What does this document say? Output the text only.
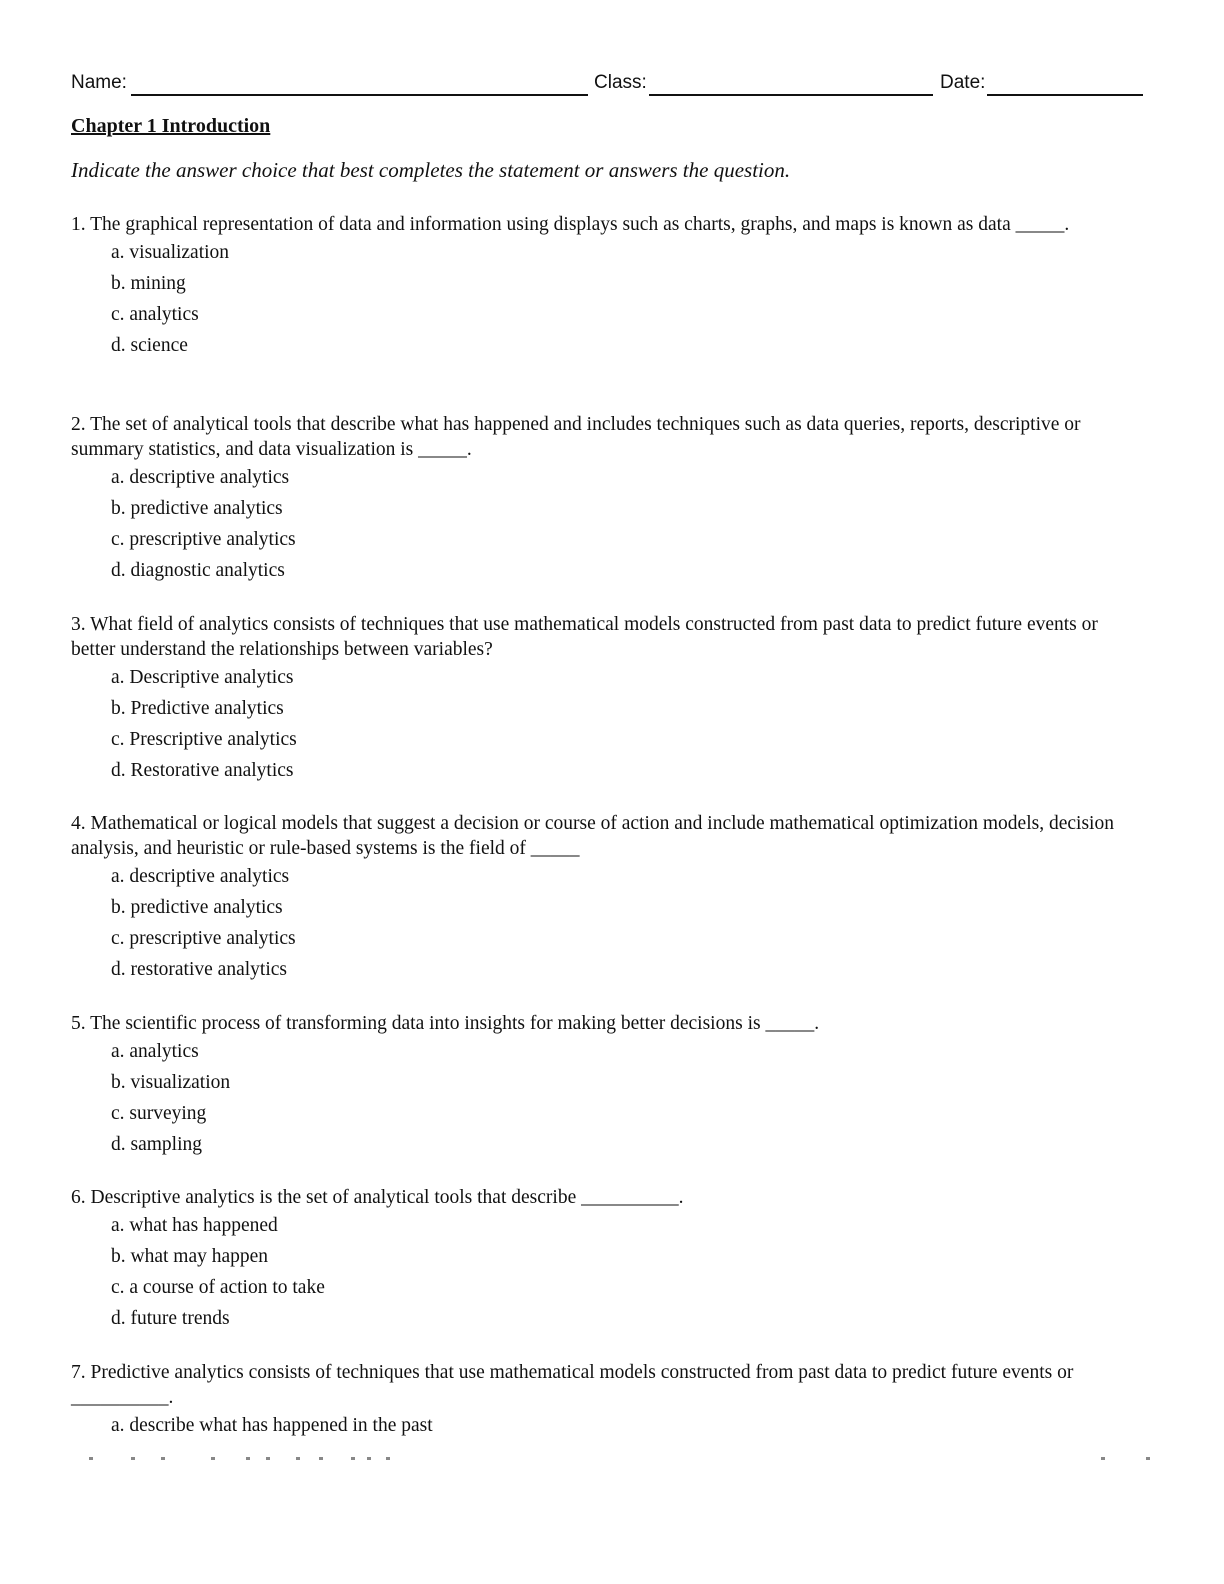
Name:	Class:	Date:
Chapter 1 Introduction
Indicate the answer choice that best completes the statement or answers the question.

1. The graphical representation of data and information using displays such as charts, graphs, and maps is known as data _____.

a. visualization
b. mining
c. analytics
d. science

2. The set of analytical tools that describe what has happened and includes techniques such as data queries, reports, descriptive or summary statistics, and data visualization is _____.

a. descriptive analytics
b. predictive analytics
c. prescriptive analytics
d. diagnostic analytics

3. What field of analytics consists of techniques that use mathematical models constructed from past data to predict future events or better understand the relationships between variables?

a. Descriptive analytics
b. Predictive analytics
c. Prescriptive analytics
d. Restorative analytics

4. Mathematical or logical models that suggest a decision or course of action and include mathematical optimization models, decision analysis, and heuristic or rule-based systems is the field of _____

a. descriptive analytics
b. predictive analytics
c. prescriptive analytics
d. restorative analytics

5. The scientific process of transforming data into insights for making better decisions is _____.

a. analytics
b. visualization
c. surveying
d. sampling

6. Descriptive analytics is the set of analytical tools that describe __________.

a. what has happened
b. what may happen
c. a course of action to take
d. future trends

7. Predictive analytics consists of techniques that use mathematical models constructed from past data to predict future events or __________.

a. describe what has happened in the past
